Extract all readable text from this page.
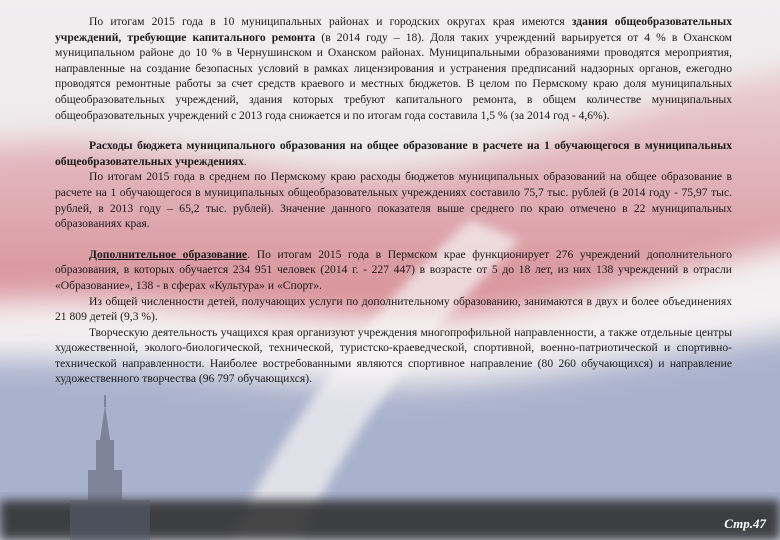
По итогам 2015 года в 10 муниципальных районах и городских округах края имеются здания общеобразовательных учреждений, требующие капитального ремонта (в 2014 году – 18). Доля таких учреждений варьируется от 4 % в Оханском муниципальном районе до 10 % в Чернушинском и Оханском районах. Муниципальными образованиями проводятся мероприятия, направленные на создание безопасных условий в рамках лицензирования и устранения предписаний надзорных органов, ежегодно проводятся ремонтные работы за счет средств краевого и местных бюджетов. В целом по Пермскому краю доля муниципальных общеобразовательных учреждений, здания которых требуют капитального ремонта, в общем количестве муниципальных общеобразовательных учреждений с 2013 года снижается и по итогам года составила 1,5 % (за 2014 год - 4,6%).

Расходы бюджета муниципального образования на общее образование в расчете на 1 обучающегося в муниципальных общеобразовательных учреждениях.

По итогам 2015 года в среднем по Пермскому краю расходы бюджетов муниципальных образований на общее образование в расчете на 1 обучающегося в муниципальных общеобразовательных учреждениях составило 75,7 тыс. рублей (в 2014 году - 75,97 тыс. рублей, в 2013 году – 65,2 тыс. рублей). Значение данного показателя выше среднего по краю отмечено в 22 муниципальных образованиях края.

Дополнительное образование. По итогам 2015 года в Пермском крае функционирует 276 учреждений дополнительного образования, в которых обучается 234 951 человек (2014 г. - 227 447) в возрасте от 5 до 18 лет, из них 138 учреждений в отрасли «Образование», 138 - в сферах «Культура» и «Спорт».

Из общей численности детей, получающих услуги по дополнительному образованию, занимаются в двух и более объединениях 21 809 детей (9,3 %).

Творческую деятельность учащихся края организуют учреждения многопрофильной направленности, а также отдельные центры художественной, эколого-биологической, технической, туристско-краеведческой, спортивной, военно-патриотической и спортивно-технической направленности. Наиболее востребованными являются спортивное направление (80 260 обучающихся) и направление художественного творчества (96 797 обучающихся).

Стр.47
